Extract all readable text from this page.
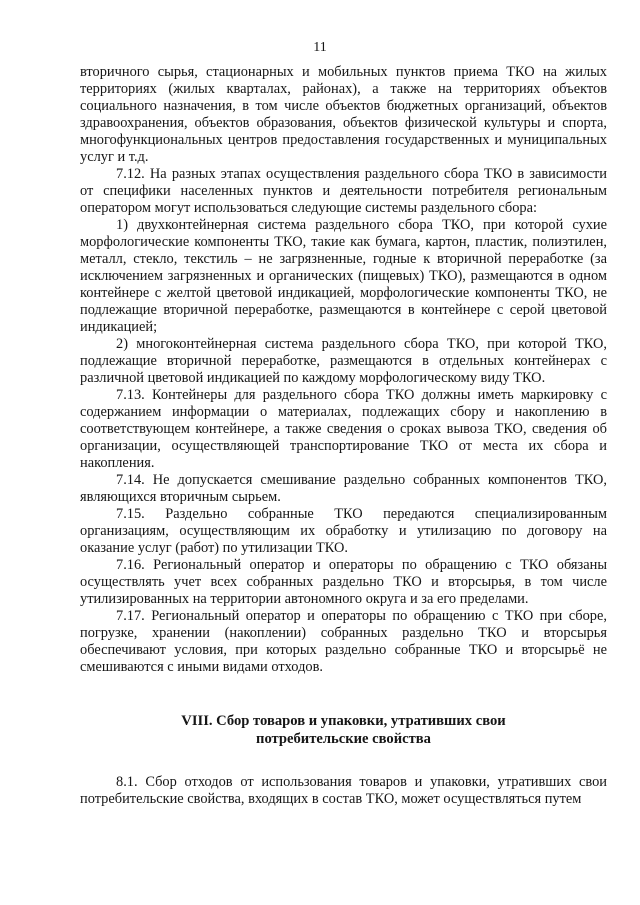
11

вторичного сырья, стационарных и мобильных пунктов приема ТКО на жилых территориях (жилых кварталах, районах), а также на территориях объектов социального назначения, в том числе объектов бюджетных организаций, объектов здравоохранения, объектов образования, объектов физической культуры и спорта, многофункциональных центров предоставления государственных и муниципальных услуг и т.д.

7.12. На разных этапах осуществления раздельного сбора ТКО в зависимости от специфики населенных пунктов и деятельности потребителя региональным оператором могут использоваться следующие системы раздельного сбора:

1) двухконтейнерная система раздельного сбора ТКО, при которой сухие морфологические компоненты ТКО, такие как бумага, картон, пластик, полиэтилен, металл, стекло, текстиль – не загрязненные, годные к вторичной переработке (за исключением загрязненных и органических (пищевых) ТКО), размещаются в одном контейнере с желтой цветовой индикацией, морфологические компоненты ТКО, не подлежащие вторичной переработке, размещаются в контейнере с серой цветовой индикацией;

2) многоконтейнерная система раздельного сбора ТКО, при которой ТКО, подлежащие вторичной переработке, размещаются в отдельных контейнерах с различной цветовой индикацией по каждому морфологическому виду ТКО.

7.13. Контейнеры для раздельного сбора ТКО должны иметь маркировку с содержанием информации о материалах, подлежащих сбору и накоплению в соответствующем контейнере, а также сведения о сроках вывоза ТКО, сведения об организации, осуществляющей транспортирование ТКО от места их сбора и накопления.

7.14. Не допускается смешивание раздельно собранных компонентов ТКО, являющихся вторичным сырьем.

7.15. Раздельно собранные ТКО передаются специализированным организациям, осуществляющим их обработку и утилизацию по договору на оказание услуг (работ) по утилизации ТКО.

7.16. Региональный оператор и операторы по обращению с ТКО обязаны осуществлять учет всех собранных раздельно ТКО и вторсырья, в том числе утилизированных на территории автономного округа и за его пределами.

7.17. Региональный оператор и операторы по обращению с ТКО при сборе, погрузке, хранении (накоплении) собранных раздельно ТКО и вторсырья обеспечивают условия, при которых раздельно собранные ТКО и вторсырьё не смешиваются с иными видами отходов.

VIII. Сбор товаров и упаковки, утративших свои
потребительские свойства

8.1. Сбор отходов от использования товаров и упаковки, утративших свои потребительские свойства, входящих в состав ТКО, может осуществляться путем
